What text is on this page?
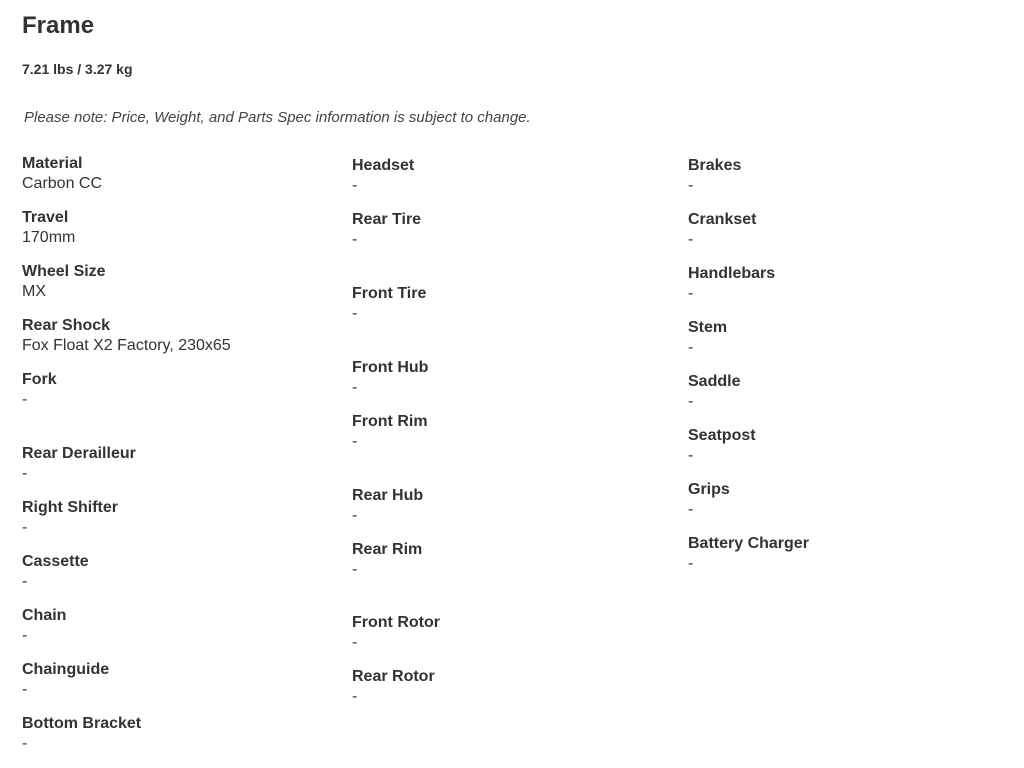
Frame
7.21 lbs / 3.27 kg
Please note: Price, Weight, and Parts Spec information is subject to change.
Material
Carbon CC
Travel
170mm
Wheel Size
MX
Rear Shock
Fox Float X2 Factory, 230x65
Fork
-
Rear Derailleur
-
Right Shifter
-
Cassette
-
Chain
-
Chainguide
-
Bottom Bracket
-
Headset
-
Rear Tire
-
Front Tire
-
Front Hub
-
Front Rim
-
Rear Hub
-
Rear Rim
-
Front Rotor
-
Rear Rotor
-
Brakes
-
Crankset
-
Handlebars
-
Stem
-
Saddle
-
Seatpost
-
Grips
-
Battery Charger
-
